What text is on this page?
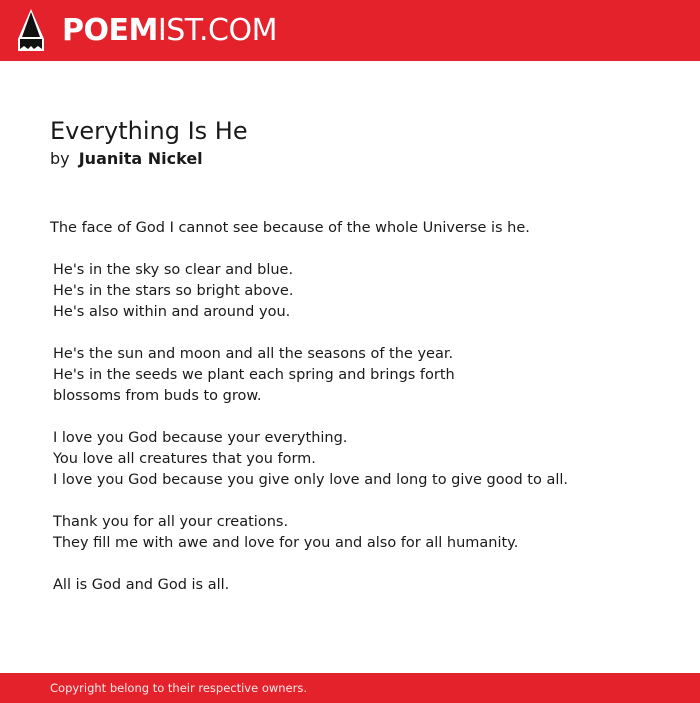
POEMIST.COM
Everything Is He
by Juanita Nickel
The face of God I cannot see because of the whole Universe is he.
He's in the sky so clear and blue.
He's in the stars so bright above.
He's also within and around you.
He's the sun and moon and all the seasons of the year.
He's in the seeds we plant each spring and brings forth
blossoms from buds to grow.
I love you God because your everything.
You love all creatures that you form.
I love you God because you give only love and long to give good to all.
Thank you for all your creations.
They fill me with awe and love for you and also for all humanity.
All is God and God is all.
Copyright belong to their respective owners.
